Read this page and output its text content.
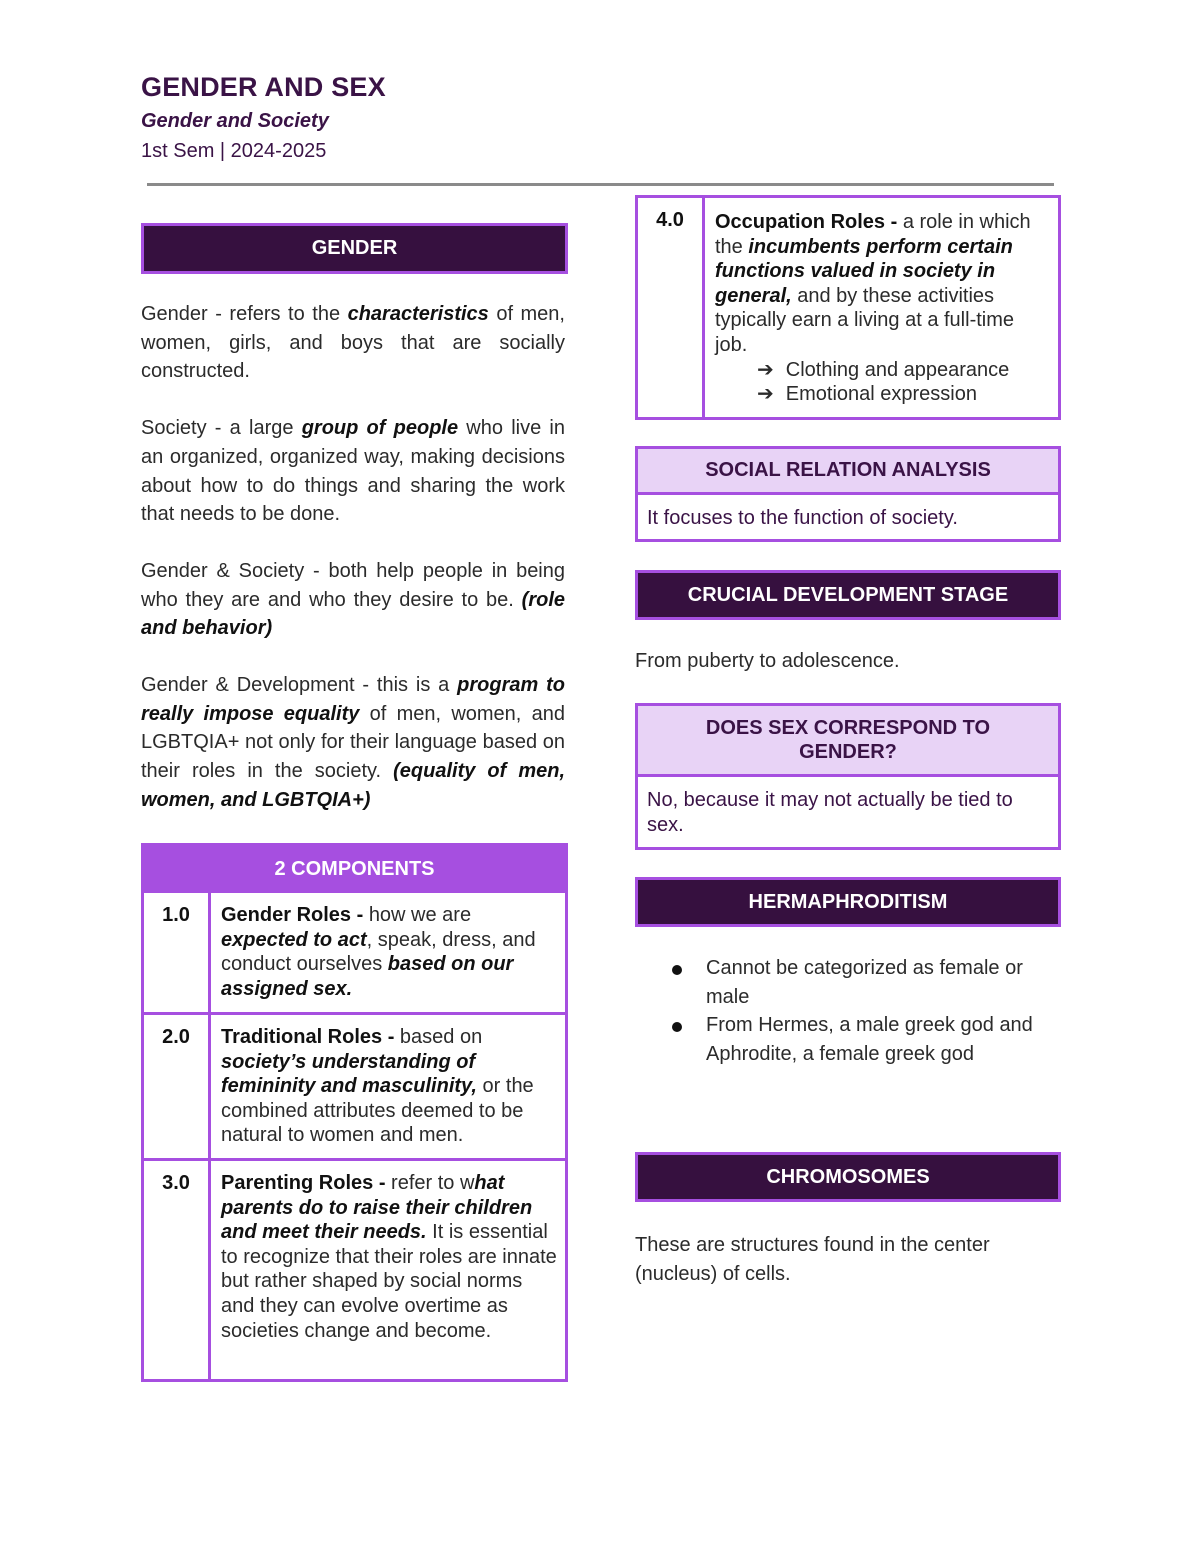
GENDER AND SEX
Gender and Society
1st Sem | 2024-2025
GENDER

Gender - refers to the characteristics of men, women, girls, and boys that are socially constructed.

Society - a large group of people who live in an organized, organized way, making decisions about how to do things and sharing the work that needs to be done.

Gender & Society - both help people in being who they are and who they desire to be. (role and behavior)

Gender & Development - this is a program to really impose equality of men, women, and LGBTQIA+ not only for their language based on their roles in the society. (equality of men, women, and LGBTQIA+)

2 COMPONENTS
1.0	Gender Roles - how we are expected to act, speak, dress, and conduct ourselves based on our assigned sex.
2.0	Traditional Roles - based on society’s understanding of femininity and masculinity, or the combined attributes deemed to be natural to women and men.
3.0	Parenting Roles - refer to what parents do to raise their children and meet their needs. It is essential to recognize that their roles are innate but rather shaped by social norms and they can evolve overtime as societies change and become.
4.0	Occupation Roles - a role in which the incumbents perform certain functions valued in society in general, and by these activities typically earn a living at a full-time job.
➔ Clothing and appearance
➔ Emotional expression
SOCIAL RELATION ANALYSIS
It focuses to the function of society.
CRUCIAL DEVELOPMENT STAGE
From puberty to adolescence.
DOES SEX CORRESPOND TO GENDER?
No, because it may not actually be tied to sex.
HERMAPHRODITISM
Cannot be categorized as female or male
From Hermes, a male greek god and Aphrodite, a female greek god
CHROMOSOMES
These are structures found in the center (nucleus) of cells.
